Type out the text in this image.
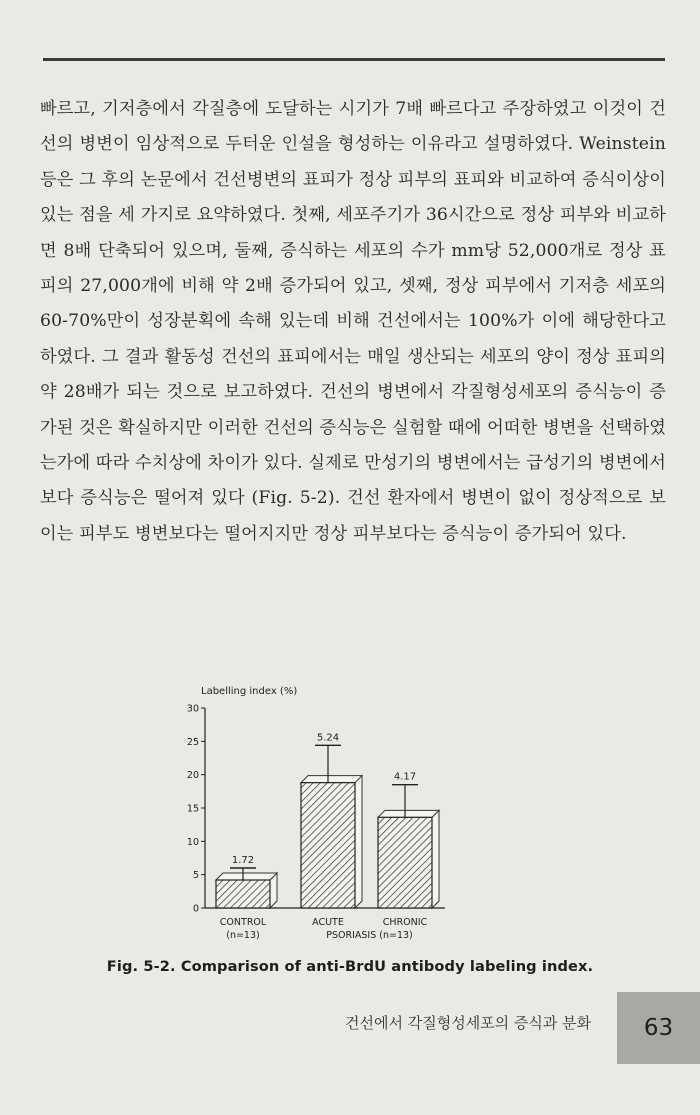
빠르고, 기저층에서 각질층에 도달하는 시기가 7배 빠르다고 주장하였고 이것이 건선의 병변이 임상적으로 두터운 인설을 형성하는 이유라고 설명하였다. Weinstein 등은 그 후의 논문에서 건선병변의 표피가 정상 피부의 표피와 비교하여 증식이상이 있는 점을 세 가지로 요약하였다. 첫째, 세포주기가 36시간으로 정상 피부와 비교하면 8배 단축되어 있으며, 둘째, 증식하는 세포의 수가 mm당 52,000개로 정상 표피의 27,000개에 비해 약 2배 증가되어 있고, 셋째, 정상 피부에서 기저층 세포의 60-70%만이 성장분획에 속해 있는데 비해 건선에서는 100%가 이에 해당한다고 하였다. 그 결과 활동성 건선의 표피에서는 매일 생산되는 세포의 양이 정상 표피의 약 28배가 되는 것으로 보고하였다. 건선의 병변에서 각질형성세포의 증식능이 증가된 것은 확실하지만 이러한 건선의 증식능은 실험할 때에 어떠한 병변을 선택하였는가에 따라 수치상에 차이가 있다. 실제로 만성기의 병변에서는 급성기의 병변에서 보다 증식능은 떨어져 있다 (Fig. 5-2). 건선 환자에서 병변이 없이 정상적으로 보이는 피부도 병변보다는 떨어지지만 정상 피부보다는 증식능이 증가되어 있다.

Labelling index (%)
0
5
10
15
20
25
30
1.72
CONTROL
(n=13)
5.24
ACUTE
4.17
CHRONIC
PSORIASIS (n=13)
Fig. 5-2. Comparison of anti-BrdU antibody labeling index.
건선에서 각질형성세포의 증식과 분화 63
